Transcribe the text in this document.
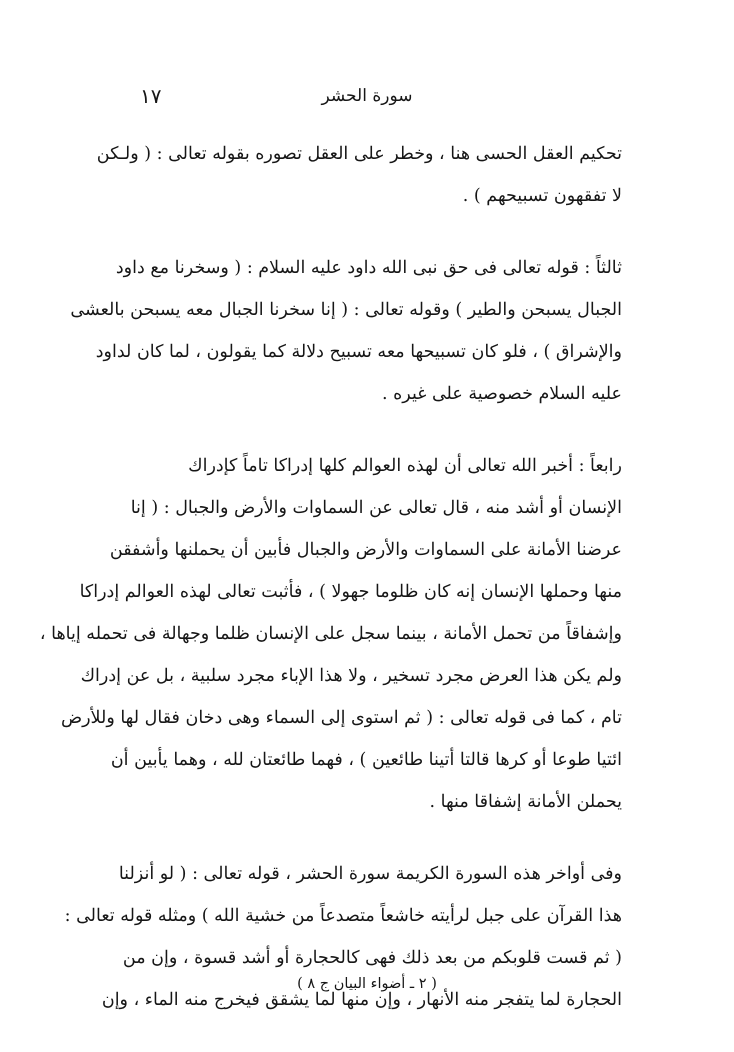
سورة الحشر
١٧

تحكيم العقل الحسى هنا ، وخطر على العقل تصوره بقوله تعالى : ( ولـكن
لا تفقهون تسبيحهم ) .

ثالثاً : قوله تعالى فى حق نبى الله داود عليه السلام : ( وسخرنا مع داود
الجبال يسبحن والطير ) وقوله تعالى : ( إنا سخرنا الجبال معه يسبحن بالعشى
والإشراق ) ، فلو كان تسبيحها معه تسبيح دلالة كما يقولون ، لما كان لداود
عليه السلام خصوصية على غيره .

رابعاً : أخبر الله تعالى أن لهذه العوالم كلها إدراكا تاماً كإدراك
الإنسان أو أشد منه ، قال تعالى عن السماوات والأرض والجبال : ( إنا
عرضنا الأمانة على السماوات والأرض والجبال فأبين أن يحملنها وأشفقن
منها وحملها الإنسان إنه كان ظلوما جهولا ) ، فأثبت تعالى لهذه العوالم إدراكا
وإشفاقاً من تحمل الأمانة ، بينما سجل على الإنسان ظلما وجهالة فى تحمله إياها ،
ولم يكن هذا العرض مجرد تسخير ، ولا هذا الإباء مجرد سلبية ، بل عن إدراك
تام ، كما فى قوله تعالى : ( ثم استوى إلى السماء وهى دخان فقال لها وللأرض
ائتيا طوعا أو كرها قالتا أتينا طائعين ) ، فهما طائعتان لله ، وهما يأبين أن
يحملن الأمانة إشفاقا منها .

وفى أواخر هذه السورة الكريمة سورة الحشر ، قوله تعالى : ( لو أنزلنا
هذا القرآن على جبل لرأيته خاشعاً متصدعاً من خشية الله ) ومثله قوله تعالى :
( ثم قست قلوبكم من بعد ذلك فهى كالحجارة أو أشد قسوة ، وإن من
الحجارة لما يتفجر منه الأنهار ، وإن منها لما يشقق فيخرج منه الماء ، وإن

( ٢ ـ أضواء البيان ج ٨ )
